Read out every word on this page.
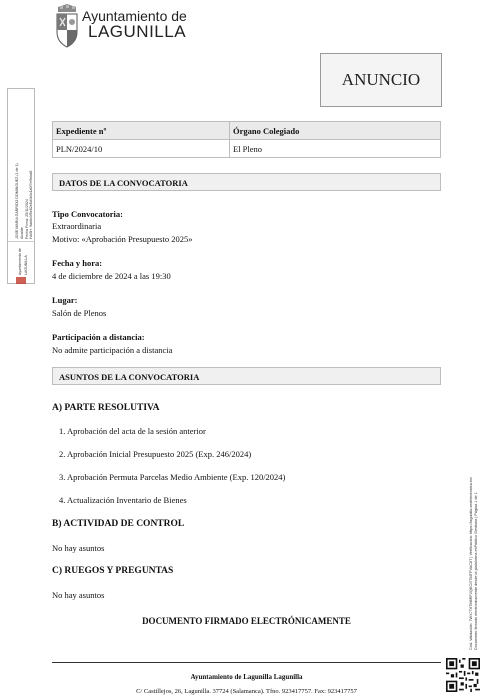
Ayuntamiento de
LAGUNILLA
ANUNCIO
JOSE MARIA GARRIDO DOMINGUEZ (1 de 1) Alcalde Fecha Firma: 25/11/2024 HASH: 9ab6c3f5e82e8d4b3c1a0f7ef9cbd8
Ayuntamiento de LAGUNILLA
Expediente nº	Órgano Colegiado
PLN/2024/10	El Pleno
DATOS DE LA CONVOCATORIA
Tipo Convocatoria:
Extraordinaria
Motivo: «Aprobación Presupuesto 2025»
Fecha y hora:
4 de diciembre de 2024 a las 19:30
Lugar:
Salón de Plenos
Participación a distancia:
No admite participación a distancia
ASUNTOS DE LA CONVOCATORIA
A) PARTE RESOLUTIVA
1. Aprobación del acta de la sesión anterior
2. Aprobación Inicial Presupuesto 2025 (Exp. 246/2024)
3. Aprobación Permuta Parcelas Medio Ambiente (Exp. 120/2024)
4. Actualización Inventario de Bienes
B) ACTIVIDAD DE CONTROL
No hay asuntos
C) RUEGOS Y PREGUNTAS
No hay asuntos
DOCUMENTO FIRMADO ELECTRÓNICAMENTE
Ayuntamiento de Lagunilla Lagunilla
C/ Castillejos, 26, Lagunilla. 37724 (Salamanca). Tfno. 923417757. Fax: 923417757
Cód. Validación: 7WX7T6TM6RF2QKCGTMTPVAC6T | Verificación: https://lagunilla.sedelectronica.es/ Documento firmado electrónicamente desde la plataforma esPublico Gestiona | Página 1 de 1
